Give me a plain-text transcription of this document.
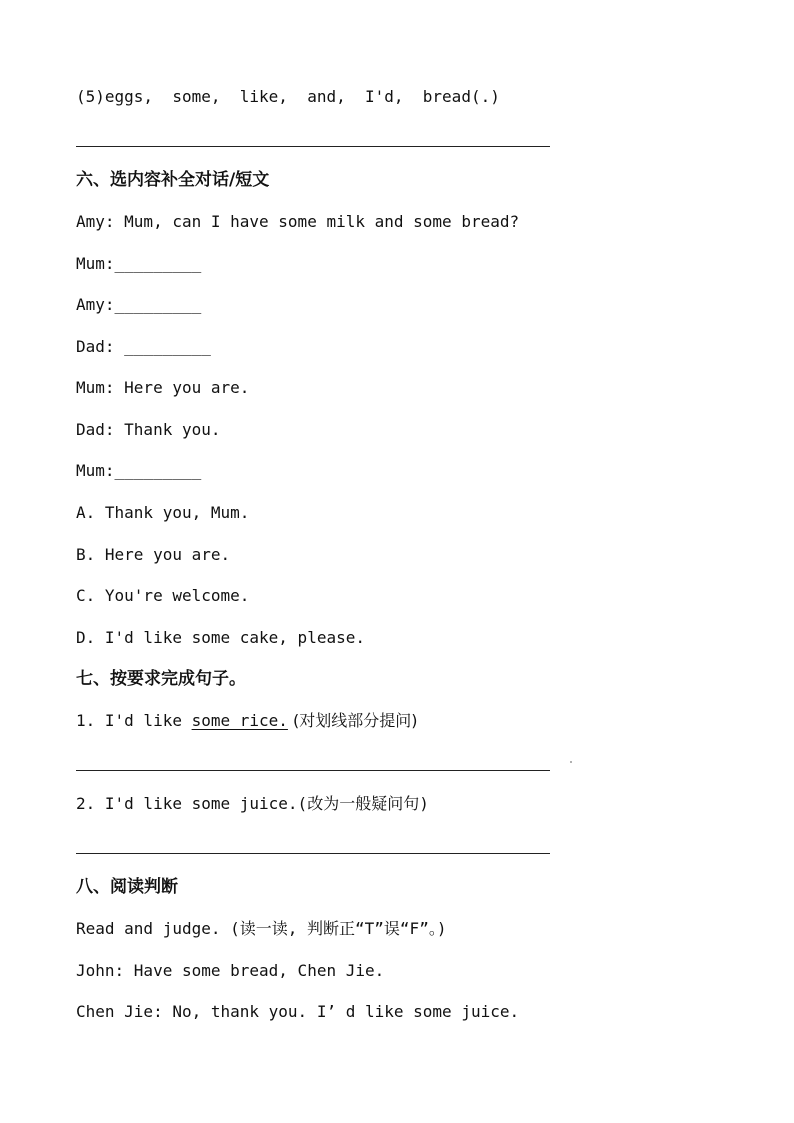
(5)eggs,  some,  like,  and,  I'd,  bread(.)
六、选内容补全对话/短文
Amy: Mum, can I have some milk and some bread?
Mum:_________
Amy:_________
Dad: _________
Mum: Here you are.
Dad: Thank you.
Mum:_________
A. Thank you, Mum.
B. Here you are.
C. You're welcome.
D. I'd like some cake, please.
七、按要求完成句子。
1. I'd like some rice. (对划线部分提问)
2. I'd like some juice.(改为一般疑问句)
八、阅读判断
Read and judge. (读一读, 判断正“T”误“F”。)
John: Have some bread, Chen Jie.
Chen Jie: No, thank you. I’ d like some juice.
